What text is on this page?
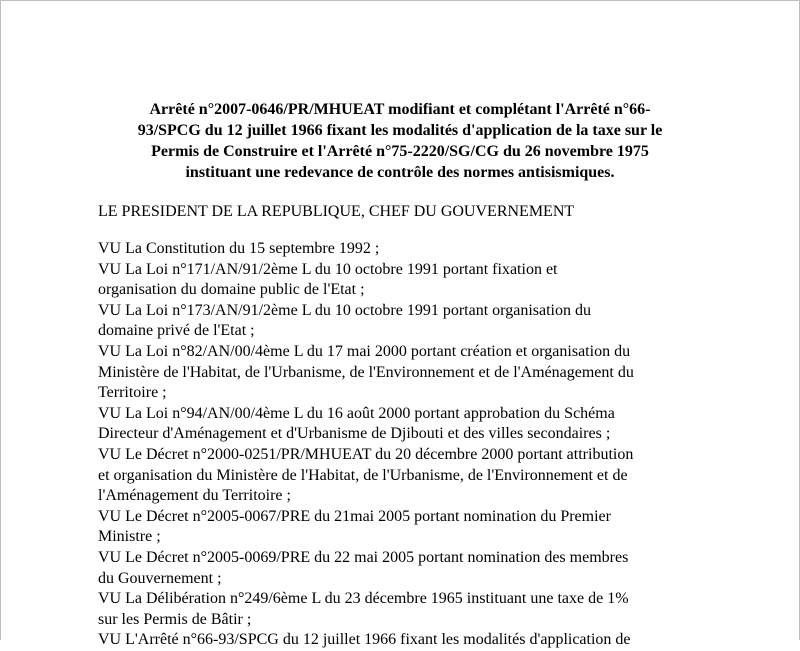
Arrêté n°2007-0646/PR/MHUEAT modifiant et complétant l'Arrêté n°66-
93/SPCG du 12 juillet 1966 fixant les modalités d'application de la taxe sur le
Permis de Construire et l'Arrêté n°75-2220/SG/CG du 26 novembre 1975
instituant une redevance de contrôle des normes antisismiques.
LE PRESIDENT DE LA REPUBLIQUE, CHEF DU GOUVERNEMENT

VU La Constitution du 15 septembre 1992 ;

VU La Loi n°171/AN/91/2ème L du 10 octobre 1991 portant fixation et
organisation du domaine public de l'Etat ;

VU La Loi n°173/AN/91/2ème L du 10 octobre 1991 portant organisation du
domaine privé de l'Etat ;

VU La Loi n°82/AN/00/4ème L du 17 mai 2000 portant création et organisation du
Ministère de l'Habitat, de l'Urbanisme, de l'Environnement et de l'Aménagement du
Territoire ;

VU La Loi n°94/AN/00/4ème L du 16 août 2000 portant approbation du Schéma
Directeur d'Aménagement et d'Urbanisme de Djibouti et des villes secondaires ;

VU Le Décret n°2000-0251/PR/MHUEAT du 20 décembre 2000 portant attribution
et organisation du Ministère de l'Habitat, de l'Urbanisme, de l'Environnement et de
l'Aménagement du Territoire ;

VU Le Décret n°2005-0067/PRE du 21mai 2005 portant nomination du Premier
Ministre ;

VU Le Décret n°2005-0069/PRE du 22 mai 2005 portant nomination des membres
du Gouvernement ;

VU La Délibération n°249/6ème L du 23 décembre 1965 instituant une taxe de 1%
sur les Permis de Bâtir ;

VU L'Arrêté n°66-93/SPCG du 12 juillet 1966 fixant les modalités d'application de
